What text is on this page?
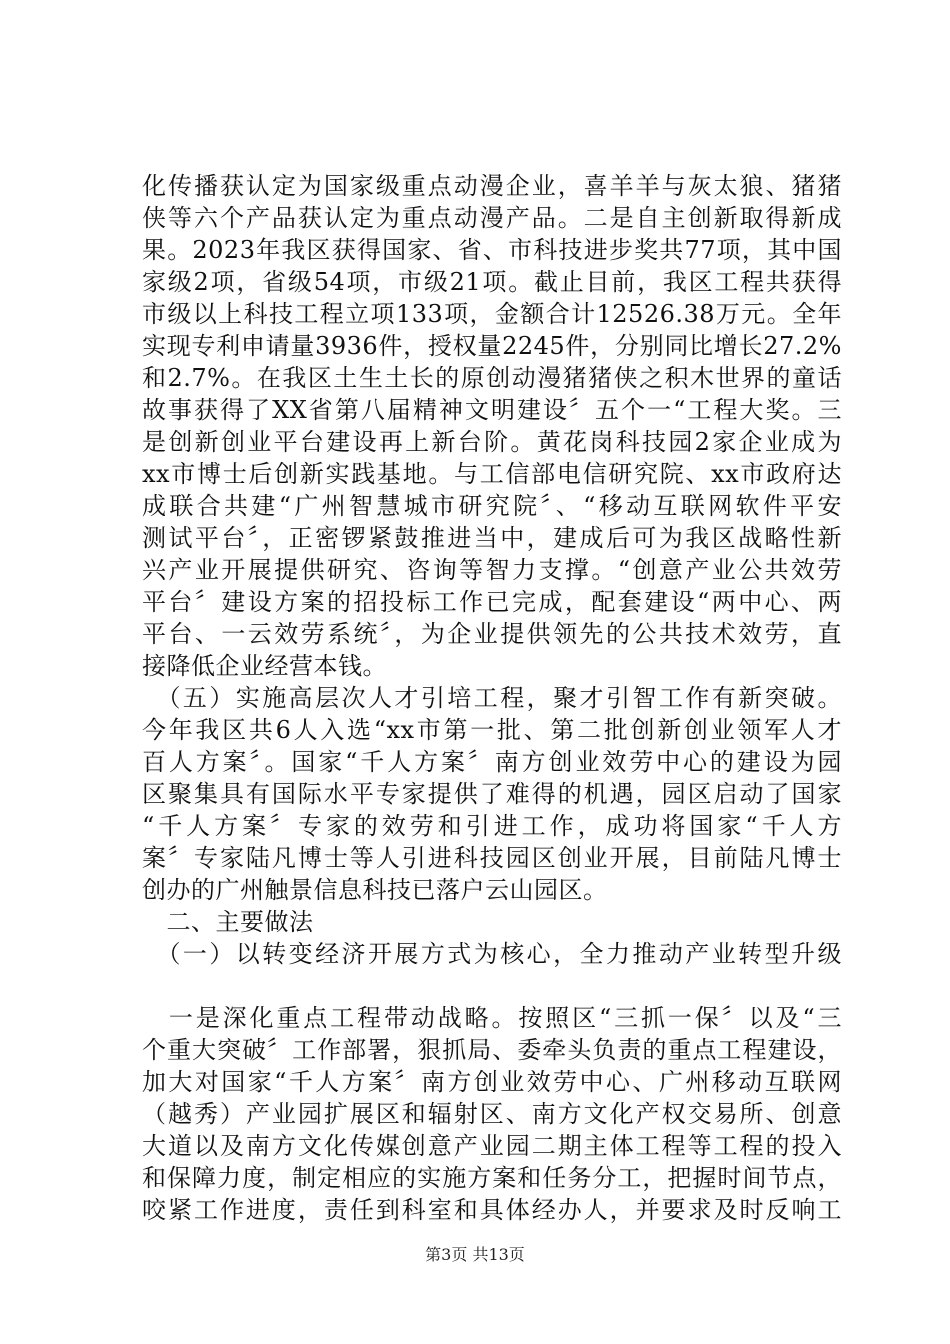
化传播获认定为国家级重点动漫企业，喜羊羊与灰太狼、猪猪
侠等六个产品获认定为重点动漫产品。二是自主创新取得新成
果。2023年我区获得国家、省、市科技进步奖共77项，其中国
家级2项，省级54项，市级21项。截止目前，我区工程共获得
市级以上科技工程立项133项，金额合计12526.38万元。全年
实现专利申请量3936件，授权量2245件，分别同比增长27.2%
和2.7%。在我区土生土长的原创动漫猪猪侠之积木世界的童话
故事获得了XX省第八届精神文明建设〞五个一“工程大奖。三
是创新创业平台建设再上新台阶。黄花岗科技园2家企业成为
xx市博士后创新实践基地。与工信部电信研究院、xx市政府达
成联合共建“广州智慧城市研究院〞、“移动互联网软件平安
测试平台〞，正密锣紧鼓推进当中，建成后可为我区战略性新
兴产业开展提供研究、咨询等智力支撑。“创意产业公共效劳
平台〞建设方案的招投标工作已完成，配套建设“两中心、两
平台、一云效劳系统〞，为企业提供领先的公共技术效劳，直
接降低企业经营本钱。
　（五）实施高层次人才引培工程，聚才引智工作有新突破。
今年我区共6人入选“xx市第一批、第二批创新创业领军人才
百人方案〞。国家“千人方案〞南方创业效劳中心的建设为园
区聚集具有国际水平专家提供了难得的机遇，园区启动了国家
“千人方案〞专家的效劳和引进工作，成功将国家“千人方
案〞专家陆凡博士等人引进科技园区创业开展，目前陆凡博士
创办的广州触景信息科技已落户云山园区。
　二、主要做法
　（一）以转变经济开展方式为核心，全力推动产业转型升级
　一是深化重点工程带动战略。按照区“三抓一保〞以及“三
个重大突破〞工作部署，狠抓局、委牵头负责的重点工程建设，
加大对国家“千人方案〞南方创业效劳中心、广州移动互联网
（越秀）产业园扩展区和辐射区、南方文化产权交易所、创意
大道以及南方文化传媒创意产业园二期主体工程等工程的投入
和保障力度，制定相应的实施方案和任务分工，把握时间节点，
咬紧工作进度，责任到科室和具体经办人，并要求及时反响工
第3页 共13页
